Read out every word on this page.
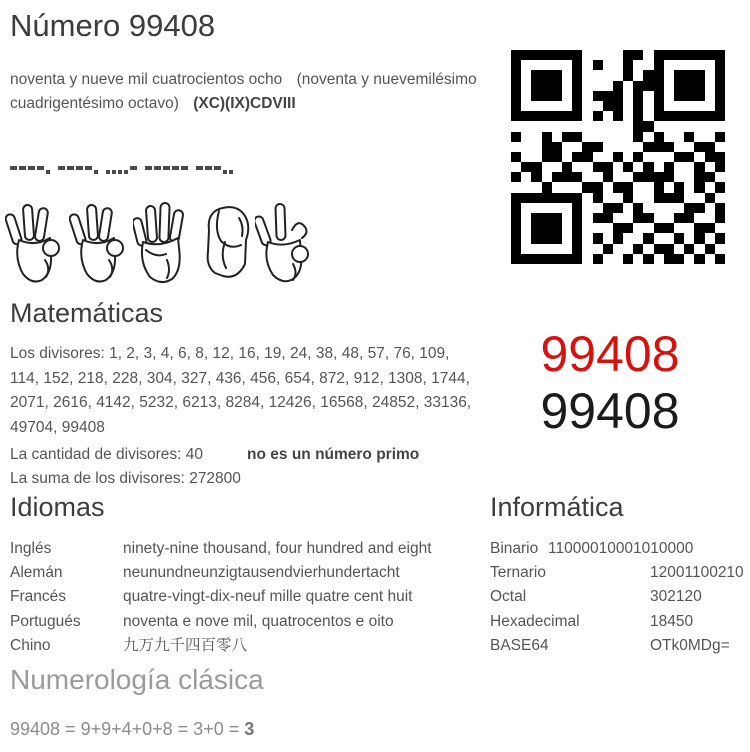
Número 99408
noventa y nueve mil cuatrocientos ocho (noventa y nuevemilésimo cuadrigentésimo octavo) (XC)(IX)CDVIII
Matemáticas
Los divisores: 1, 2, 3, 4, 6, 8, 12, 16, 19, 24, 38, 48, 57, 76, 109, 114, 152, 218, 228, 304, 327, 436, 456, 654, 872, 912, 1308, 1744, 2071, 2616, 4142, 5232, 6213, 8284, 12426, 16568, 24852, 33136, 49704, 99408
La cantidad de divisores: 40	no es un número primo
La suma de los divisores: 272800
99408
99408
Idiomas
Inglés	ninety-nine thousand, four hundred and eight
Alemán	neunundneunzigtausendvierhundertacht
Francés	quatre-vingt-dix-neuf mille quatre cent huit
Portugués	noventa e nove mil, quatrocentos e oito
Chino	九万九千四百零八
Informática
Binario 11000010001010000
Ternario	12001100210
Octal	302120
Hexadecimal	18450
BASE64	OTk0MDg=
Numerología clásica
99408 = 9+9+4+0+8 = 3+0 = 3
